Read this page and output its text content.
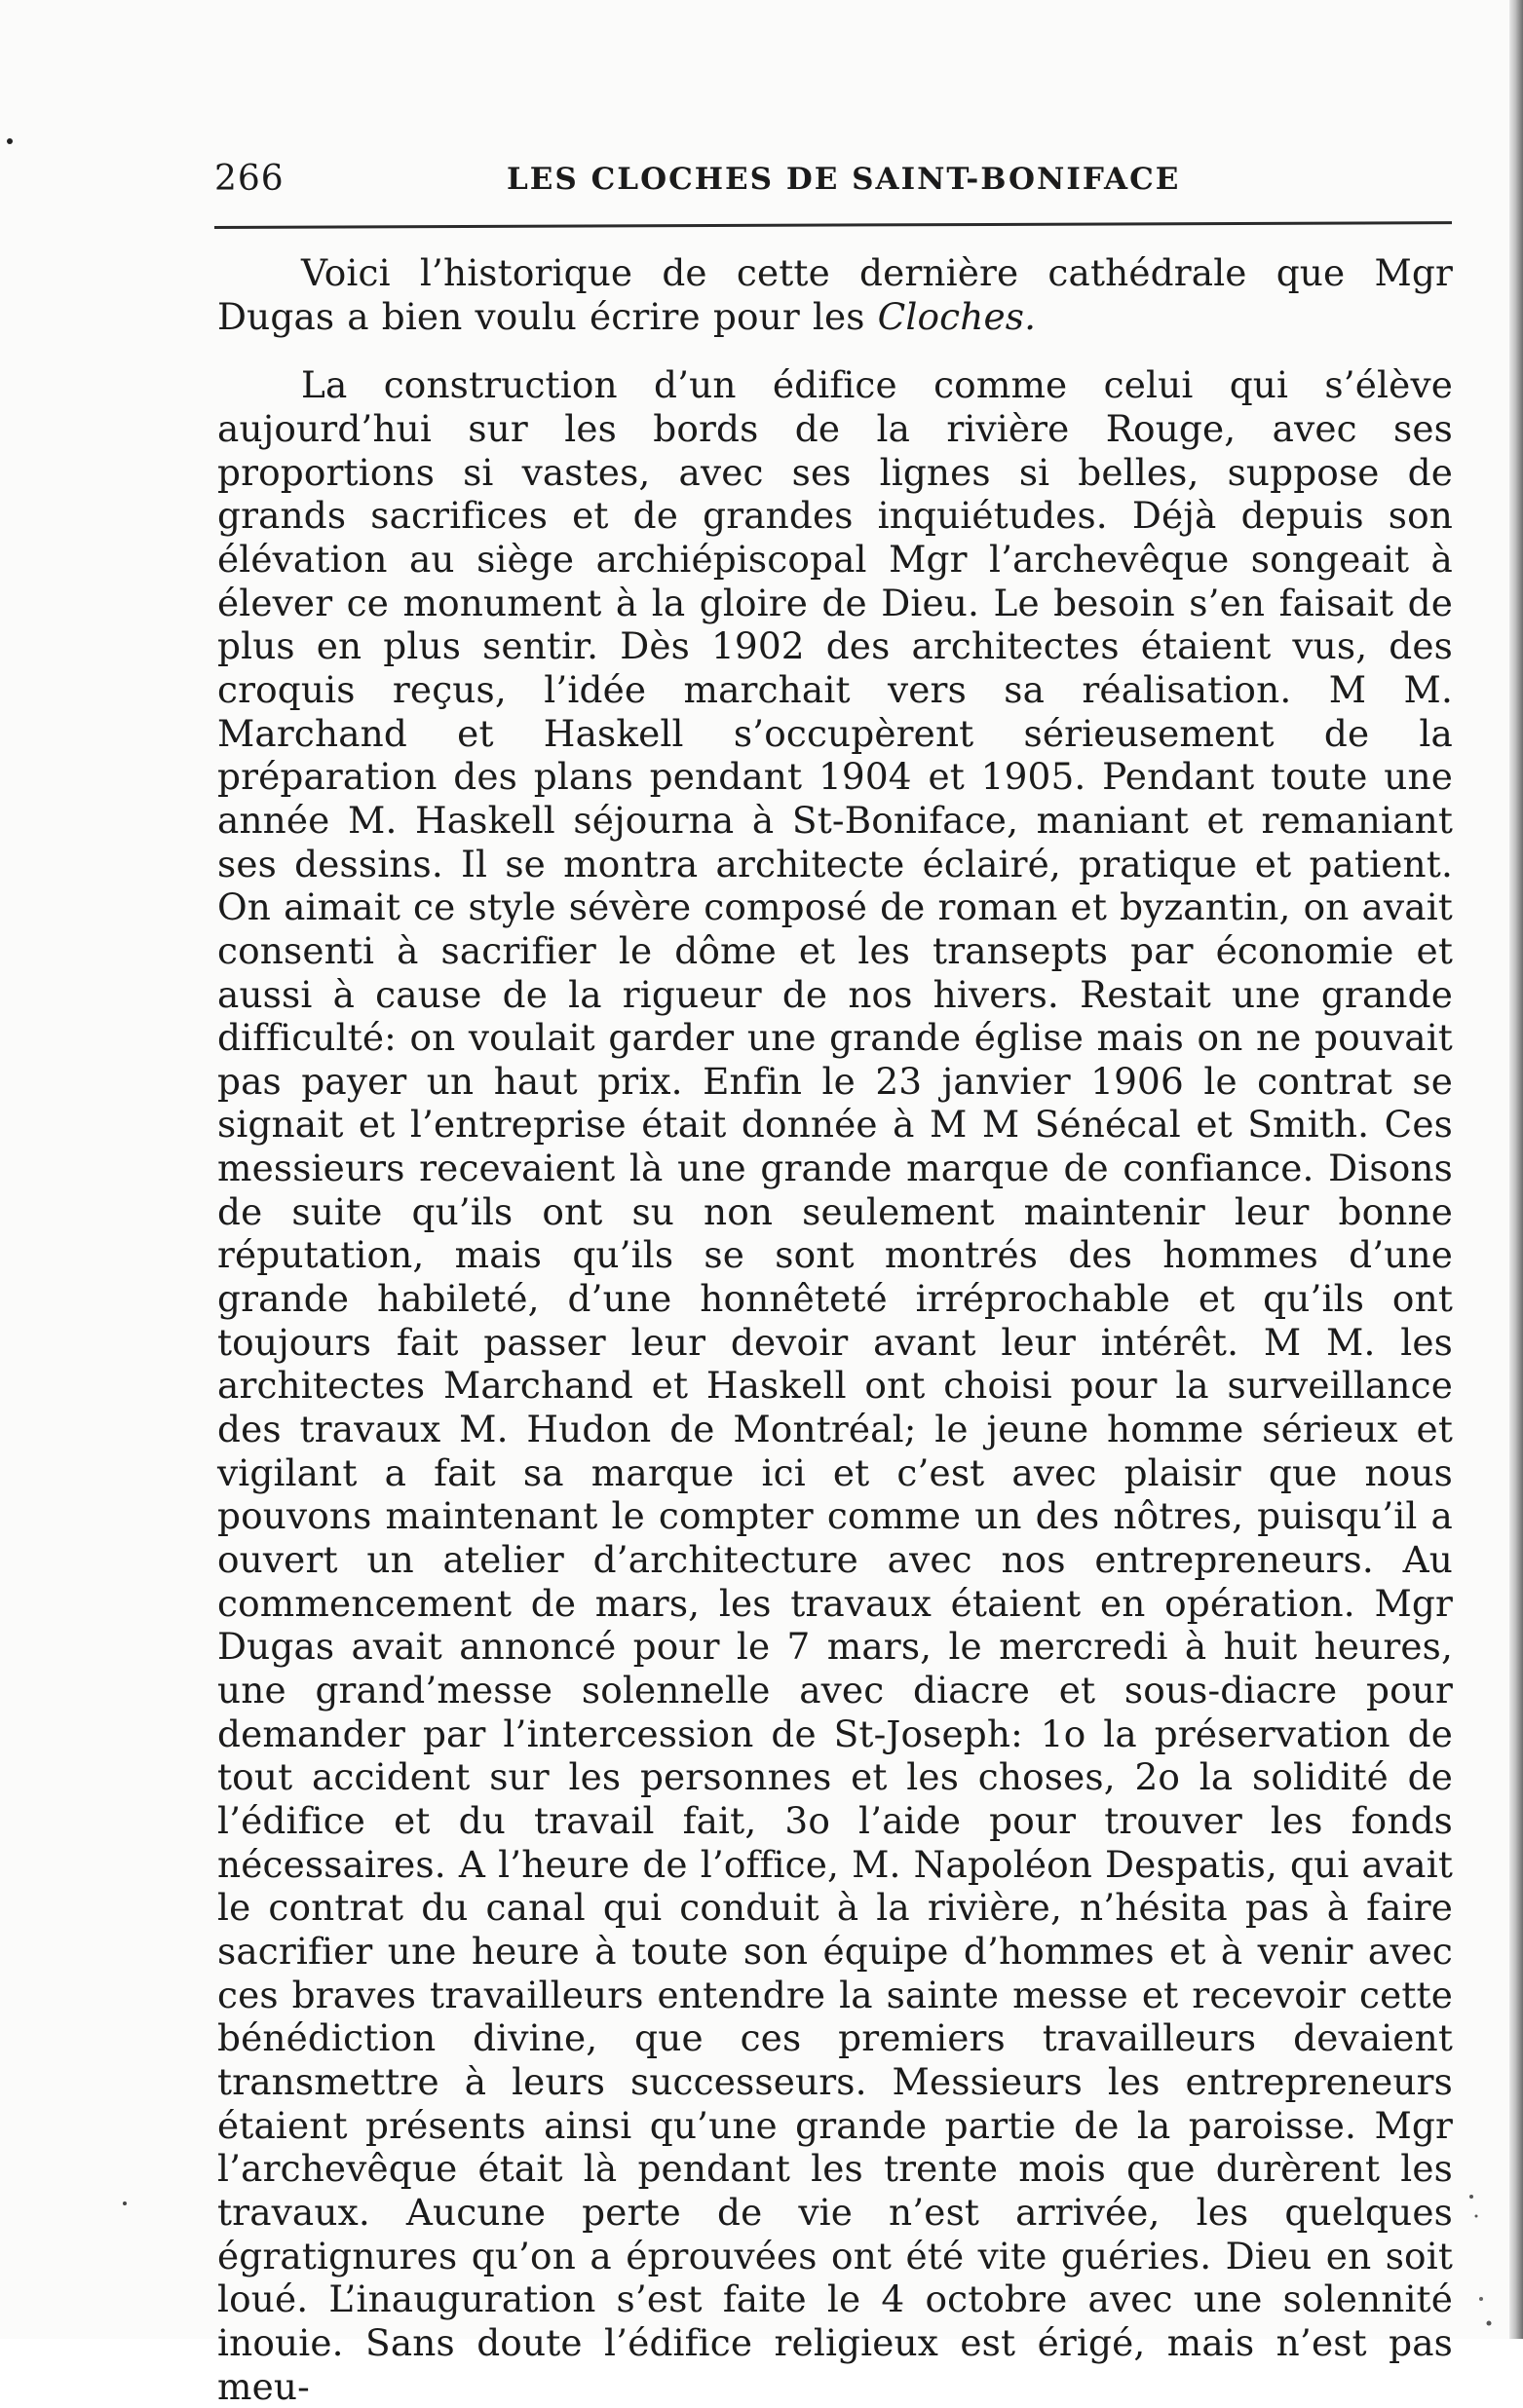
266	LES CLOCHES DE SAINT-BONIFACE

Voici l’historique de cette dernière cathédrale que Mgr Dugas a bien voulu écrire pour les Cloches.

La construction d’un édifice comme celui qui s’élève aujourd’hui sur les bords de la rivière Rouge, avec ses proportions si vastes, avec ses lignes si belles, suppose de grands sacrifices et de grandes inquiétudes. Déjà depuis son élévation au siège archiépiscopal Mgr l’archevêque songeait à élever ce monument à la gloire de Dieu. Le besoin s’en faisait de plus en plus sentir. Dès 1902 des architectes étaient vus, des croquis reçus, l’idée marchait vers sa réalisation. M M. Marchand et Haskell s’occupèrent sérieusement de la préparation des plans pendant 1904 et 1905. Pendant toute une année M. Haskell séjourna à St-Boniface, maniant et remaniant ses dessins. Il se montra architecte éclairé, pratique et patient. On aimait ce style sévère composé de roman et byzantin, on avait consenti à sacrifier le dôme et les transepts par économie et aussi à cause de la rigueur de nos hivers. Restait une grande difficulté: on voulait garder une grande église mais on ne pouvait pas payer un haut prix. Enfin le 23 janvier 1906 le contrat se signait et l’entreprise était donnée à M M Sénécal et Smith. Ces messieurs recevaient là une grande marque de confiance. Disons de suite qu’ils ont su non seulement maintenir leur bonne réputation, mais qu’ils se sont montrés des hommes d’une grande habileté, d’une honnêteté irréprochable et qu’ils ont toujours fait passer leur devoir avant leur intérêt. M M. les architectes Marchand et Haskell ont choisi pour la surveillance des travaux M. Hudon de Montréal; le jeune homme sérieux et vigilant a fait sa marque ici et c’est avec plaisir que nous pouvons maintenant le compter comme un des nôtres, puisqu’il a ouvert un atelier d’architecture avec nos entrepreneurs. Au commencement de mars, les travaux étaient en opération. Mgr Dugas avait annoncé pour le 7 mars, le mercredi à huit heures, une grand’messe solennelle avec diacre et sous-diacre pour demander par l’intercession de St-Joseph: 1o la préservation de tout accident sur les personnes et les choses, 2o la solidité de l’édifice et du travail fait, 3o l’aide pour trouver les fonds nécessaires. A l’heure de l’office, M. Napoléon Despatis, qui avait le contrat du canal qui conduit à la rivière, n’hésita pas à faire sacrifier une heure à toute son équipe d’hommes et à venir avec ces braves travailleurs entendre la sainte messe et recevoir cette bénédiction divine, que ces premiers travailleurs devaient transmettre à leurs successeurs. Messieurs les entrepreneurs étaient présents ainsi qu’une grande partie de la paroisse. Mgr l’archevêque était là pendant les trente mois que durèrent les travaux. Aucune perte de vie n’est arrivée, les quelques égratignures qu’on a éprouvées ont été vite guéries. Dieu en soit loué. L’inauguration s’est faite le 4 octobre avec une solennité inouie. Sans doute l’édifice religieux est érigé, mais n’est pas meu-
